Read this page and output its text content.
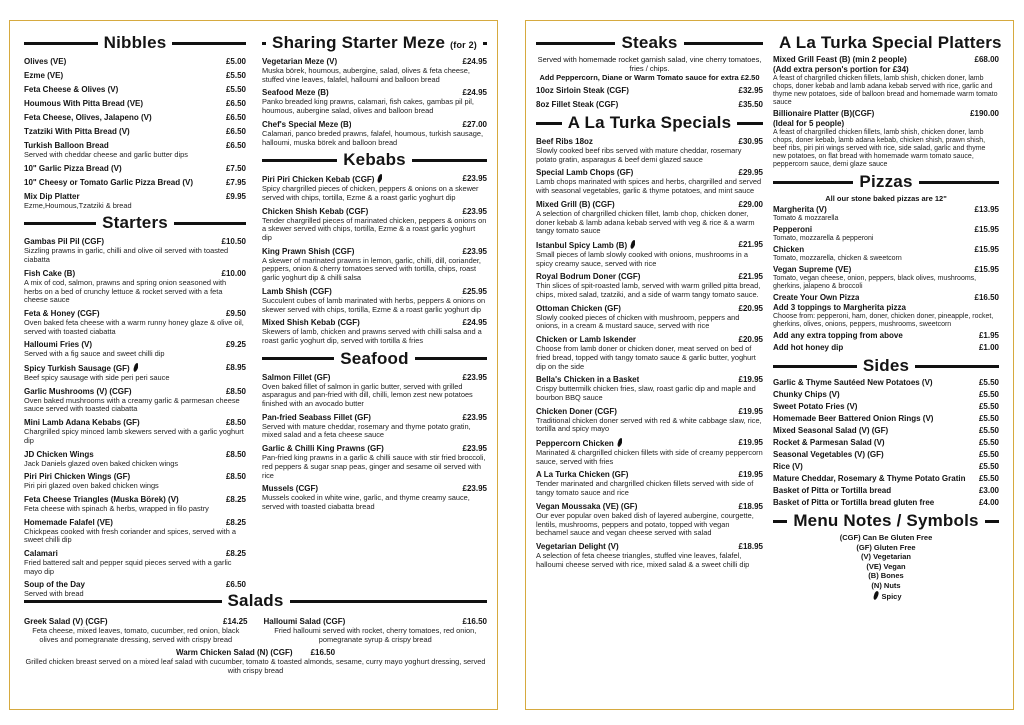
Nibbles
Olives (VE)	£5.00
Ezme (VE)	£5.50
Feta Cheese & Olives (V)	£5.50
Houmous With Pitta Bread (VE)	£6.50
Feta Cheese, Olives, Jalapeno (V)	£6.50
Tzatziki With Pitta Bread (V)	£6.50
Turkish Balloon Bread	£6.50
Served with cheddar cheese and garlic butter dips
10" Garlic Pizza Bread (V)	£7.50
10" Cheesy or Tomato Garlic Pizza Bread (V)	£7.95
Mix Dip Platter	£9.95
Ezme,Houmous,Tzatziki & bread
Starters
Gambas Pil Pil (CGF)	£10.50
Sizzling prawns in garlic, chilli and olive oil served with toasted ciabatta
Fish Cake (B)	£10.00
A mix of cod, salmon, prawns and spring onion seasoned with herbs on a bed of crunchy lettuce & rocket served with a feta cheese sauce
Feta & Honey (CGF)	£9.50
Oven baked feta cheese with a warm runny honey glaze & olive oil, served with toasted ciabatta
Halloumi Fries (V)	£9.25
Served with a fig sauce and sweet chilli dip
Spicy Turkish Sausage (GF)	£8.95
Beef spicy sausage with side peri peri sauce
Garlic Mushrooms (V) (CGF)	£8.50
Oven baked mushrooms with a creamy garlic & parmesan cheese sauce served with toasted ciabatta
Mini Lamb Adana Kebabs (GF)	£8.50
Chargrilled spicy minced lamb skewers served with a garlic yoghurt dip
JD Chicken Wings	£8.50
Jack Daniels glazed oven baked chicken wings
Piri Piri Chicken Wings (GF)	£8.50
Piri piri glazed oven baked chicken wings
Feta Cheese Triangles (Muska Börek) (V)	£8.25
Feta cheese with spinach & herbs, wrapped in filo pastry
Homemade Falafel (VE)	£8.25
Chickpeas cooked with fresh coriander and spices, served with a sweet chilli dip
Calamari	£8.25
Fried battered salt and pepper squid pieces served with a garlic mayo dip
Soup of the Day	£6.50
Served with bread
Sharing Starter Meze (for 2)
Vegetarian Meze (V)	£24.95
Muska börek, houmous, aubergine, salad, olives & feta cheese, stuffed vine leaves, falafel, halloumi and balloon bread
Seafood Meze (B)	£24.95
Panko breaded king prawns, calamari, fish cakes, gambas pil pil, houmous, aubergine salad, olives and balloon bread
Chef's Special Meze (B)	£27.00
Calamari, panco breded prawns, falafel, houmous, turkish sausage, halloumi, muska börek and balloon bread
Kebabs
Piri Piri Chicken Kebab (CGF)	£23.95
Spicy chargrilled pieces of chicken, peppers & onions on a skewer served with chips, tortilla, Ezme & a roast garlic yoghurt dip
Chicken Shish Kebab (CGF)	£23.95
Tender chargrilled pieces of marinated chicken, peppers & onions on a skewer served with chips, tortilla, Ezme & a roast garlic yoghurt dip
King Prawn Shish (CGF)	£23.95
A skewer of marinated prawns in lemon, garlic, chilli, dill, coriander, peppers, onion & cherry tomatoes served with tortilla, chips, roast garlic yoghurt dip & chilli salsa
Lamb Shish (CGF)	£25.95
Succulent cubes of lamb marinated with herbs, peppers & onions on skewer served with chips, tortilla, Ezme & a roast garlic yoghurt dip
Mixed Shish Kebab (CGF)	£24.95
Skewers of lamb, chicken and prawns served with chilli salsa and a roast garlic yoghurt dip, served with tortilla & fries
Seafood
Salmon Fillet (GF)	£23.95
Oven baked fillet of salmon in garlic butter, served with grilled asparagus and pan-fried with dill, chilli, lemon zest new potatoes finished with an avocado butter
Pan-fried Seabass Fillet (GF)	£23.95
Served with mature cheddar, rosemary and thyme potato gratin, mixed salad and a feta cheese sauce
Garlic & Chilli King Prawns (GF)	£23.95
Pan-fried king prawns in a garlic & chilli sauce with stir fried broccoli, red peppers & sugar snap peas, ginger and sesame oil served with rice
Mussels (CGF)	£23.95
Mussels cooked in white wine, garlic, and thyme creamy sauce, served with toasted ciabatta bread
Salads
Greek Salad (V) (CGF)	£14.25
Feta cheese, mixed leaves, tomato, cucumber, red onion, black olives and pomegranate dressing, served with crispy bread
Halloumi Salad (CGF)	£16.50
Fried halloumi served with rocket, cherry tomatoes, red onion, pomegranate syrup & crispy bread
Warm Chicken Salad (N) (CGF) £16.50
Grilled chicken breast served on a mixed leaf salad with cucumber, tomato & toasted almonds, sesame, curry mayo yoghurt dressing, served with crispy bread
Steaks
Served with homemade rocket garnish salad, vine cherry tomatoes, fries / chips.
Add Peppercorn, Diane or Warm Tomato sauce for extra £2.50
10oz Sirloin Steak (CGF)	£32.95
8oz Fillet Steak (CGF)	£35.50
A La Turka Specials
Beef Ribs 18oz	£30.95
Slowly cooked beef ribs served with mature cheddar, rosemary potato gratin, asparagus & beef demi glazed sauce
Special Lamb Chops (GF)	£29.95
Lamb chops marinated with spices and herbs, chargrilled and served with seasonal vegetables, garlic & thyme potatoes, and mint sauce
Mixed Grill (B) (CGF)	£29.00
A selection of chargrilled chicken fillet, lamb chop, chicken doner, doner kebab & lamb adana kebab served with veg & rice & a warm tangy tomato sauce
Istanbul Spicy Lamb (B)	£21.95
Small pieces of lamb slowly cooked with onions, mushrooms in a spicy creamy sauce, served with rice
Royal Bodrum Doner (CGF)	£21.95
Thin slices of spit-roasted lamb, served with warm grilled pitta bread, chips, mixed salad, tzatziki, and a side of warm tangy tomato sauce.
Ottoman Chicken (GF)	£20.95
Slowly cooked pieces of chicken with mushroom, peppers and onions, in a cream & mustard sauce, served with rice
Chicken or Lamb Iskender	£20.95
Choose from lamb doner or chicken doner, meat served on bed of fried bread, topped with tangy tomato sauce & garlic butter, yoghurt dip on the side
Bella's Chicken in a Basket	£19.95
Crispy buttermilk chicken fries, slaw, roast garlic dip and maple and bourbon BBQ sauce
Chicken Doner (CGF)	£19.95
Traditional chicken doner served with red & white cabbage slaw, rice, tortilla and spicy mayo
Peppercorn Chicken	£19.95
Marinated & chargrilled chicken fillets with side of creamy peppercorn sauce, served with fries
A La Turka Chicken (GF)	£19.95
Tender marinated and chargrilled chicken fillets served with side of tangy tomato sauce and rice
Vegan Moussaka (VE) (GF)	£18.95
Our ever popular oven baked dish of layered aubergine, courgette, lentils, mushrooms, peppers and potato, topped with vegan bechamel sauce and vegan cheese served with salad
Vegetarian Delight (V)	£18.95
A selection of feta cheese triangles, stuffed vine leaves, falafel, halloumi cheese served with rice, mixed salad & a sweet chilli dip
A La Turka Special Platters
Mixed Grill Feast (B) (min 2 people)	£68.00
(Add extra person's portion for £34)
A feast of chargrilled chicken fillets, lamb shish, chicken doner, lamb chops, doner kebab and lamb adana kebab served with rice, garlic and thyme new potatoes, side of balloon bread and homemade warm tomato sauce
Billionaire Platter (B)(CGF)	£190.00
(Ideal for 5 people)
A feast of chargrilled chicken fillets, lamb shish, chicken doner, lamb chops, doner kebab, lamb adana kebab, chicken shish, prawn shish, beef ribs, piri piri wings served with rice, side salad, garlic and thyme new potatoes, on flat bread with homemade warm tomato sauce, peppercorn sauce, demi glaze sauce
Pizzas
All our stone baked pizzas are 12"
Margherita (V)	£13.95
Tomato & mozzarella
Pepperoni	£15.95
Tomato, mozzarella & pepperoni
Chicken	£15.95
Tomato, mozzarella, chicken & sweetcorn
Vegan Supreme (VE)	£15.95
Tomato, vegan cheese, onion, peppers, black olives, mushrooms, gherkins, jalapeno & broccoli
Create Your Own Pizza	£16.50
Add 3 toppings to Margherita pizza
Choose from: pepperoni, ham, doner, chicken doner, pineapple, rocket, gherkins, olives, onions, peppers, mushrooms, sweetcorn
Add any extra topping from above	£1.95
Add hot honey dip	£1.00
Sides
Garlic & Thyme Sautéed New Potatoes (V)	£5.50
Chunky Chips (V)	£5.50
Sweet Potato Fries (V)	£5.50
Homemade Beer Battered Onion Rings (V)	£5.50
Mixed Seasonal Salad (V) (GF)	£5.50
Rocket & Parmesan Salad (V)	£5.50
Seasonal Vegetables (V) (GF)	£5.50
Rice (V)	£5.50
Mature Cheddar, Rosemary & Thyme Potato Gratin	£5.50
Basket of Pitta or Tortilla bread	£3.00
Basket of Pitta or Tortilla bread gluten free	£4.00
Menu Notes / Symbols
(CGF) Can Be Gluten Free
(GF) Gluten Free
(V) Vegetarian
(VE) Vegan
(B) Bones
(N) Nuts
Spicy
